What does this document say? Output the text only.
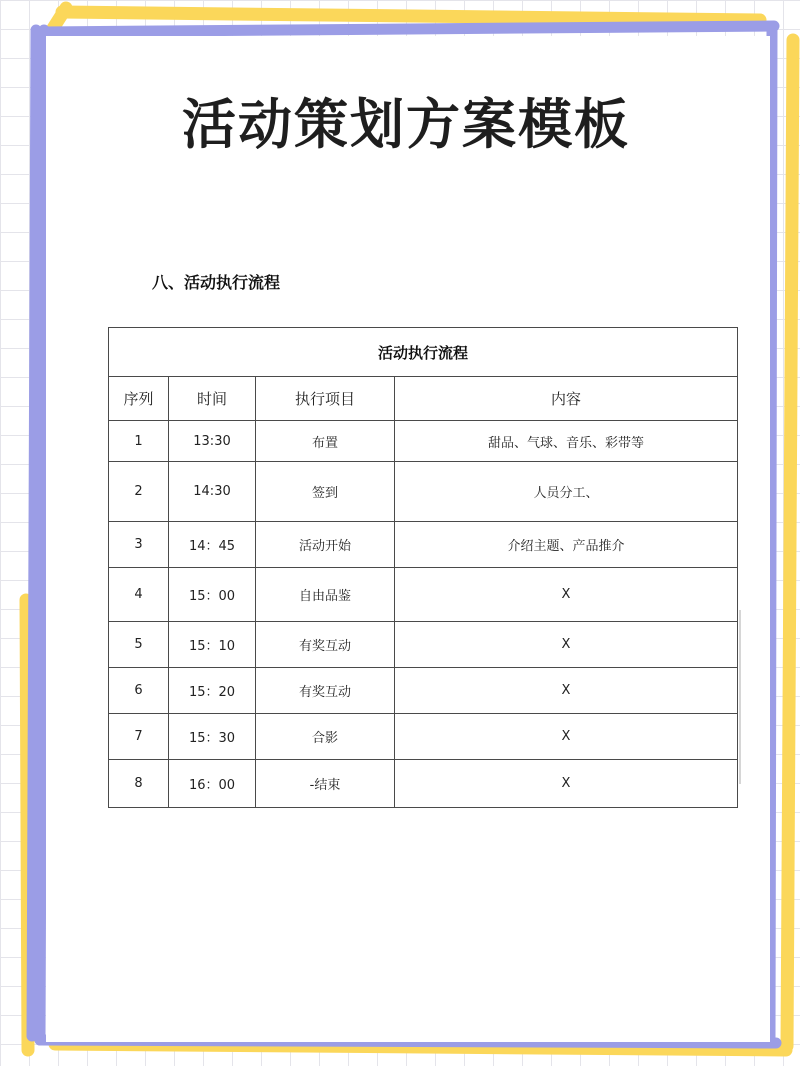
活动策划方案模板
八、活动执行流程
活动执行流程			
序列	时间	执行项目	内容
1	13:30	布置	甜品、气球、音乐、彩带等
2	14:30	签到	人员分工、
3	14：45	活动开始	介绍主题、产品推介
4	15：00	自由品鉴	X
5	15：10	有奖互动	X
6	15：20	有奖互动	X
7	15：30	合影	X
8	16：00	-结束	X
